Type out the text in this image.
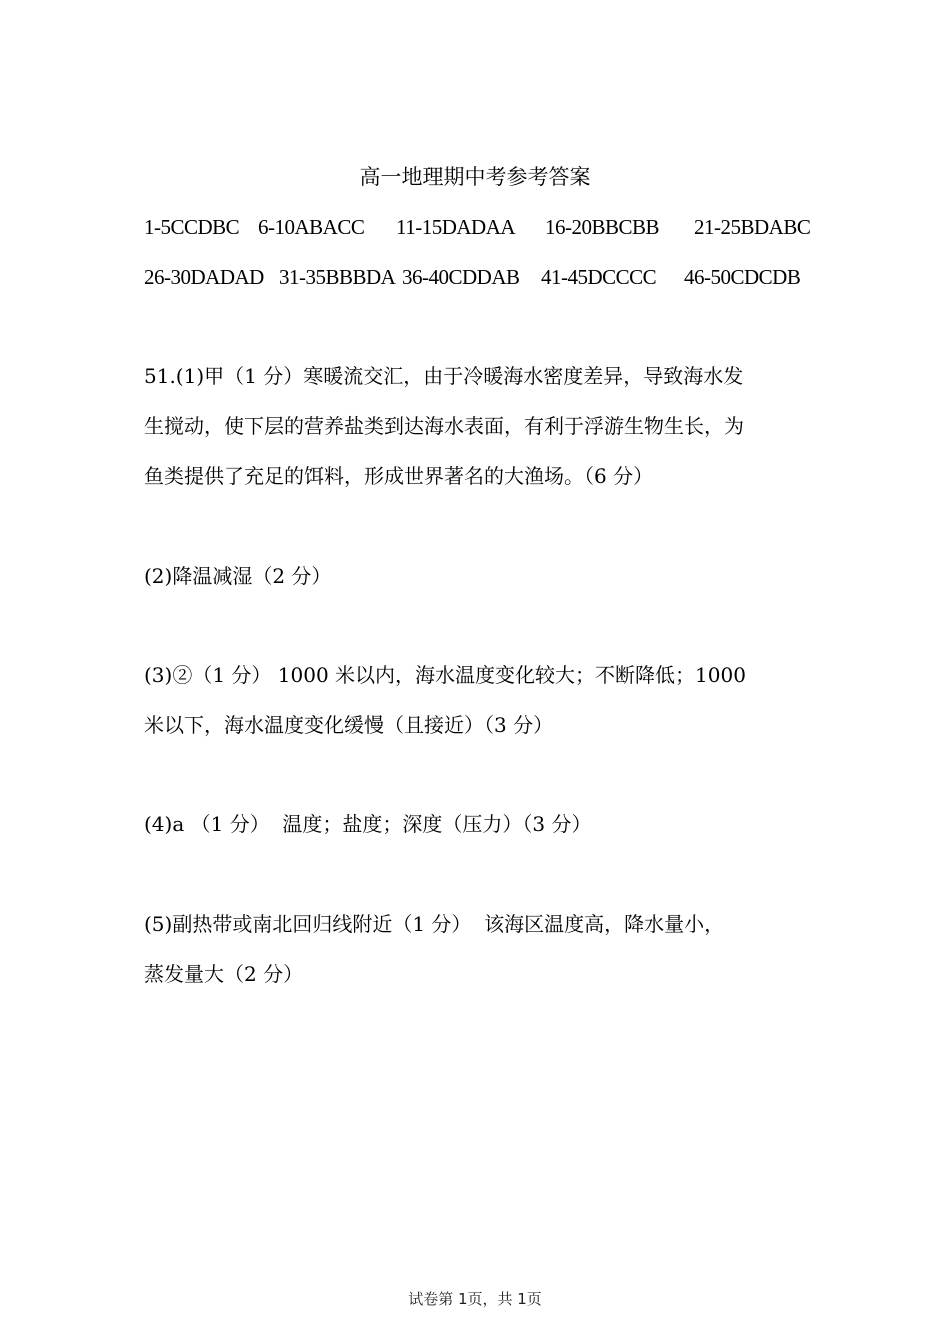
高一地理期中考参考答案
1-5CCDBC 6-10ABACC 11-15DADAA 16-20BBCBB 21-25BDABC
26-30DADAD 31-35BBBDA 36-40CDDAB 41-45DCCCC 46-50CDCDB
51.(1)甲（1 分）寒暖流交汇，由于冷暖海水密度差异，导致海水发
生搅动，使下层的营养盐类到达海水表面，有利于浮游生物生长，为
鱼类提供了充足的饵料，形成世界著名的大渔场。（6 分）
(2)降温减湿（2 分）
(3)②（1 分） 1000 米以内，海水温度变化较大；不断降低；1000
米以下，海水温度变化缓慢（且接近）（3 分）
(4)a （1 分）  温度；盐度；深度（压力）（3 分）
(5)副热带或南北回归线附近（1 分）  该海区温度高，降水量小，
蒸发量大（2 分）
试卷第 1页，共 1页
